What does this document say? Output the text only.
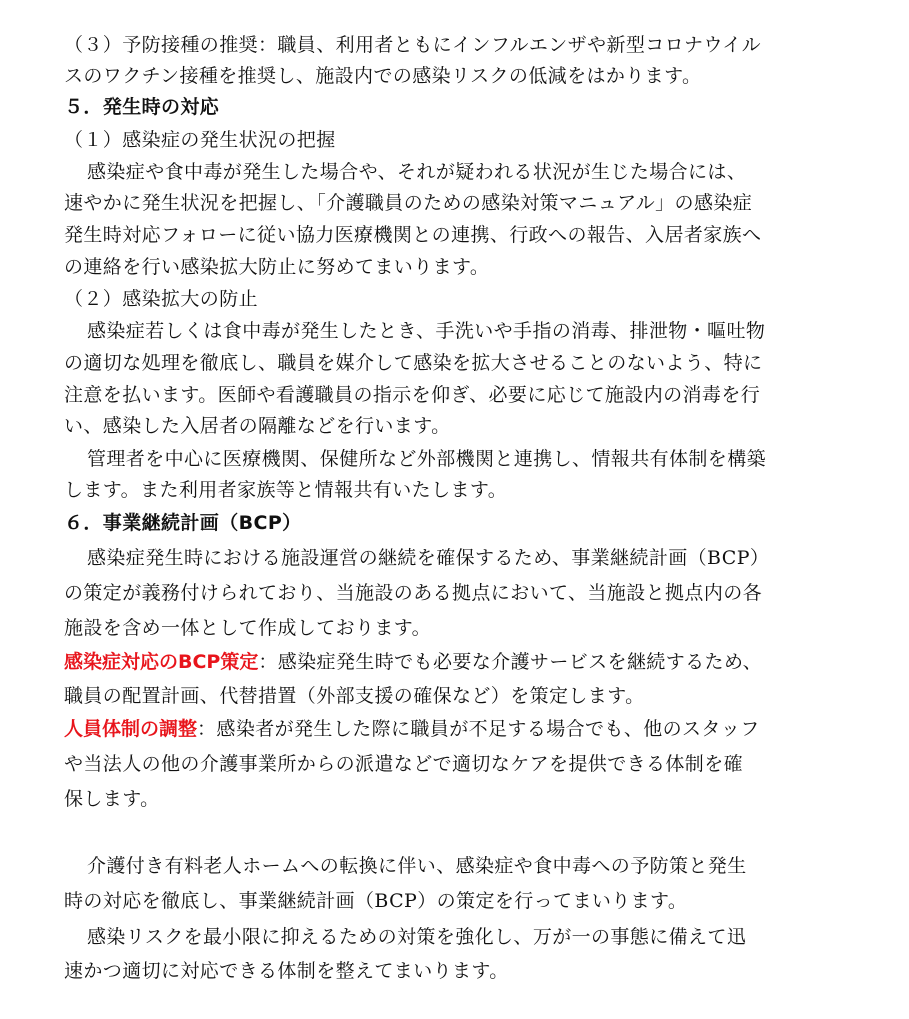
（３）予防接種の推奨：職員、利用者ともにインフルエンザや新型コロナウイル
スのワクチン接種を推奨し、施設内での感染リスクの低減をはかります。
５．発生時の対応
（１）感染症の発生状況の把握
感染症や食中毒が発生した場合や、それが疑われる状況が生じた場合には、
速やかに発生状況を把握し、「介護職員のための感染対策マニュアル」の感染症
発生時対応フォローに従い協力医療機関との連携、行政への報告、入居者家族へ
の連絡を行い感染拡大防止に努めてまいります。
（２）感染拡大の防止
感染症若しくは食中毒が発生したとき、手洗いや手指の消毒、排泄物・嘔吐物
の適切な処理を徹底し、職員を媒介して感染を拡大させることのないよう、特に
注意を払います。医師や看護職員の指示を仰ぎ、必要に応じて施設内の消毒を行
い、感染した入居者の隔離などを行います。
管理者を中心に医療機関、保健所など外部機関と連携し、情報共有体制を構築
します。また利用者家族等と情報共有いたします。
６．事業継続計画（BCP）
感染症発生時における施設運営の継続を確保するため、事業継続計画（BCP）
の策定が義務付けられており、当施設のある拠点において、当施設と拠点内の各
施設を含め一体として作成しております。
感染症対応のBCP策定：感染症発生時でも必要な介護サービスを継続するため、
職員の配置計画、代替措置（外部支援の確保など）を策定します。
人員体制の調整：感染者が発生した際に職員が不足する場合でも、他のスタッフ
や当法人の他の介護事業所からの派遣などで適切なケアを提供できる体制を確
保します。
介護付き有料老人ホームへの転換に伴い、感染症や食中毒への予防策と発生
時の対応を徹底し、事業継続計画（BCP）の策定を行ってまいります。
感染リスクを最小限に抑えるための対策を強化し、万が一の事態に備えて迅
速かつ適切に対応できる体制を整えてまいります。
